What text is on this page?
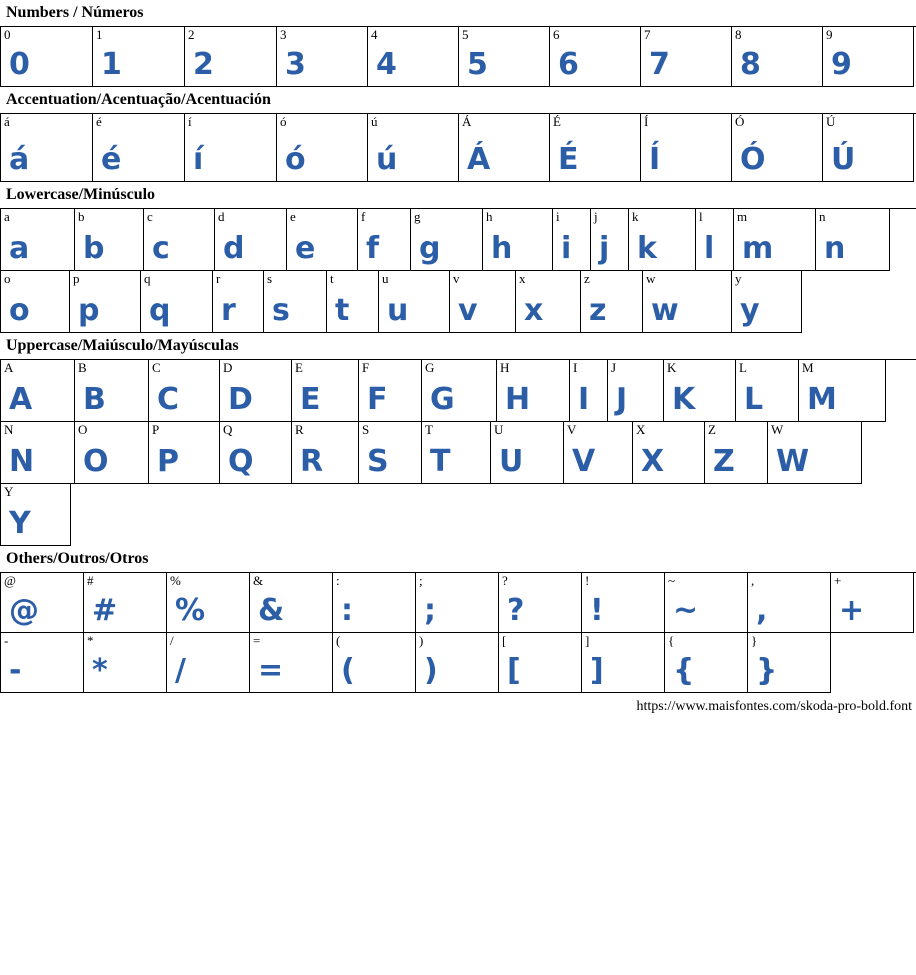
Numbers / Números
0
0
1
1
2
2
3
3
4
4
5
5
6
6
7
7
8
8
9
9
Accentuation/Acentuação/Acentuación
á
á
é
é
í
í
ó
ó
ú
ú
Á
Á
É
É
Í
Í
Ó
Ó
Ú
Ú
Lowercase/Minúsculo
a
a
b
b
c
c
d
d
e
e
f
f
g
g
h
h
i
i
j
j
k
k
l
l
m
m
n
n
o
o
p
p
q
q
r
r
s
s
t
t
u
u
v
v
x
x
z
z
w
w
y
y
Uppercase/Maiúsculo/Mayúsculas
A
A
B
B
C
C
D
D
E
E
F
F
G
G
H
H
I
I
J
J
K
K
L
L
M
M
N
N
O
O
P
P
Q
Q
R
R
S
S
T
T
U
U
V
V
X
X
Z
Z
W
W
Y
Y
Others/Outros/Otros
@
@
#
#
%
%
&
&
:
:
;
;
?
?
!
!
~
~
,
,
+
+
-
-
*
*
/
/
=
=
(
(
)
)
[
[
]
]
{
{
}
}
https://www.maisfontes.com/skoda-pro-bold.font
